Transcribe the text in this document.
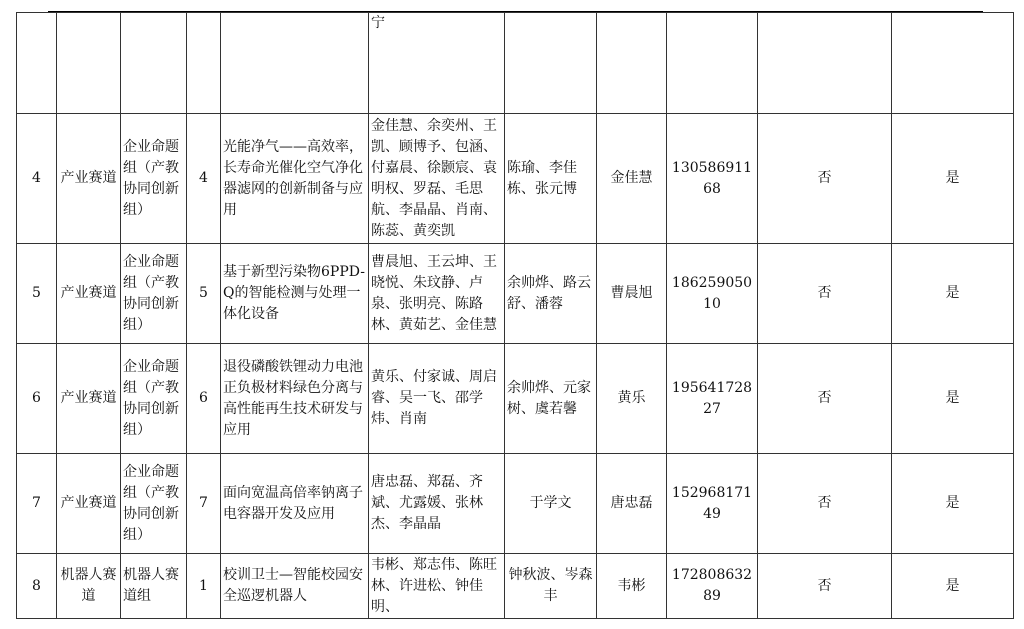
					宁					
4	产业赛道	企业命题组（产教协同创新组）	4	光能净气——高效率，长寿命光催化空气净化器滤网的创新制备与应用	金佳慧、余奕州、王凯、顾博予、包涵、付嘉晨、徐颢宸、袁明权、罗磊、毛思航、李晶晶、肖南、陈蕊、黄奕凯	陈瑜、李佳栋、张元博	金佳慧	13058691168	否	是
5	产业赛道	企业命题组（产教协同创新组）	5	基于新型污染物6PPD-Q的智能检测与处理一体化设备	曹晨旭、王云坤、王晓悦、朱玟静、卢泉、张明亮、陈路林、黄茹艺、金佳慧	余帅烨、路云舒、潘蓉	曹晨旭	18625905010	否	是
6	产业赛道	企业命题组（产教协同创新组）	6	退役磷酸铁锂动力电池正负极材料绿色分离与高性能再生技术研发与应用	黄乐、付家诚、周启睿、吴一飞、邵学炜、肖南	余帅烨、元家树、虞若馨	黄乐	19564172827	否	是
7	产业赛道	企业命题组（产教协同创新组）	7	面向宽温高倍率钠离子电容器开发及应用	唐忠磊、郑磊、齐斌、尤露媛、张林杰、李晶晶	于学文	唐忠磊	15296817149	否	是
8	机器人赛道	机器人赛道组	1	校训卫士—智能校园安全巡逻机器人	韦彬、郑志伟、陈旺林、许进松、钟佳明、	钟秋波、岑森丰	韦彬	17280863289	否	是
